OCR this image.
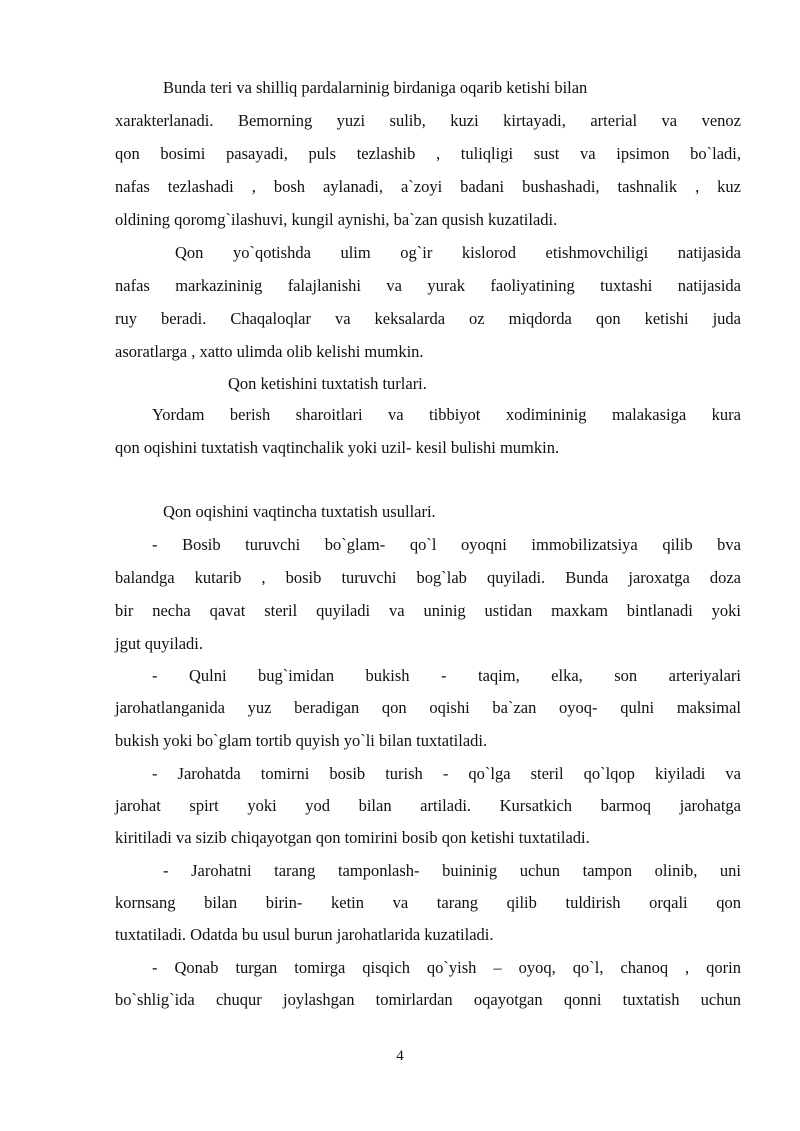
Bunda teri va shilliq pardalarninig birdaniga oqarib ketishi bilan
xarakterlanadi. Bemorning yuzi sulib, kuzi kirtayadi, arterial va venoz
qon bosimi pasayadi, puls tezlashib , tuliqligi sust va ipsimon bo`ladi,
nafas tezlashadi , bosh aylanadi, a`zoyi badani bushashadi, tashnalik , kuz
oldining qoromg`ilashuvi, kungil aynishi, ba`zan qusish kuzatiladi.
Qon yo`qotishda ulim og`ir kislorod etishmovchiligi natijasida
nafas markazininig falajlanishi va yurak faoliyatining tuxtashi natijasida
ruy beradi. Chaqaloqlar va keksalarda oz miqdorda qon ketishi juda
asoratlarga , xatto ulimda olib kelishi mumkin.
Qon ketishini tuxtatish turlari.
Yordam berish sharoitlari va tibbiyot xodimininig malakasiga kura
qon oqishini tuxtatish vaqtinchalik yoki uzil- kesil bulishi mumkin.
Qon oqishini vaqtincha tuxtatish usullari.
- Bosib turuvchi bo`glam- qo`l oyoqni immobilizatsiya qilib bva
balandga kutarib , bosib turuvchi bog`lab quyiladi. Bunda jaroxatga doza
bir necha qavat steril quyiladi va uninig ustidan maxkam bintlanadi yoki
jgut quyiladi.
- Qulni bug`imidan bukish - taqim, elka, son arteriyalari
jarohatlanganida yuz beradigan qon oqishi ba`zan oyoq- qulni maksimal
bukish yoki bo`glam tortib quyish yo`li bilan tuxtatiladi.
- Jarohatda tomirni bosib turish - qo`lga steril qo`lqop kiyiladi va
jarohat spirt yoki yod bilan artiladi. Kursatkich barmoq jarohatga
kiritiladi va sizib chiqayotgan qon tomirini bosib qon ketishi tuxtatiladi.
- Jarohatni tarang tamponlash- buininig uchun tampon olinib, uni
kornsang bilan birin- ketin va tarang qilib tuldirish orqali qon
tuxtatiladi. Odatda bu usul burun jarohatlarida kuzatiladi.
- Qonab turgan tomirga qisqich qo`yish – oyoq, qo`l, chanoq , qorin
bo`shlig`ida chuqur joylashgan tomirlardan oqayotgan qonni tuxtatish uchun
4
